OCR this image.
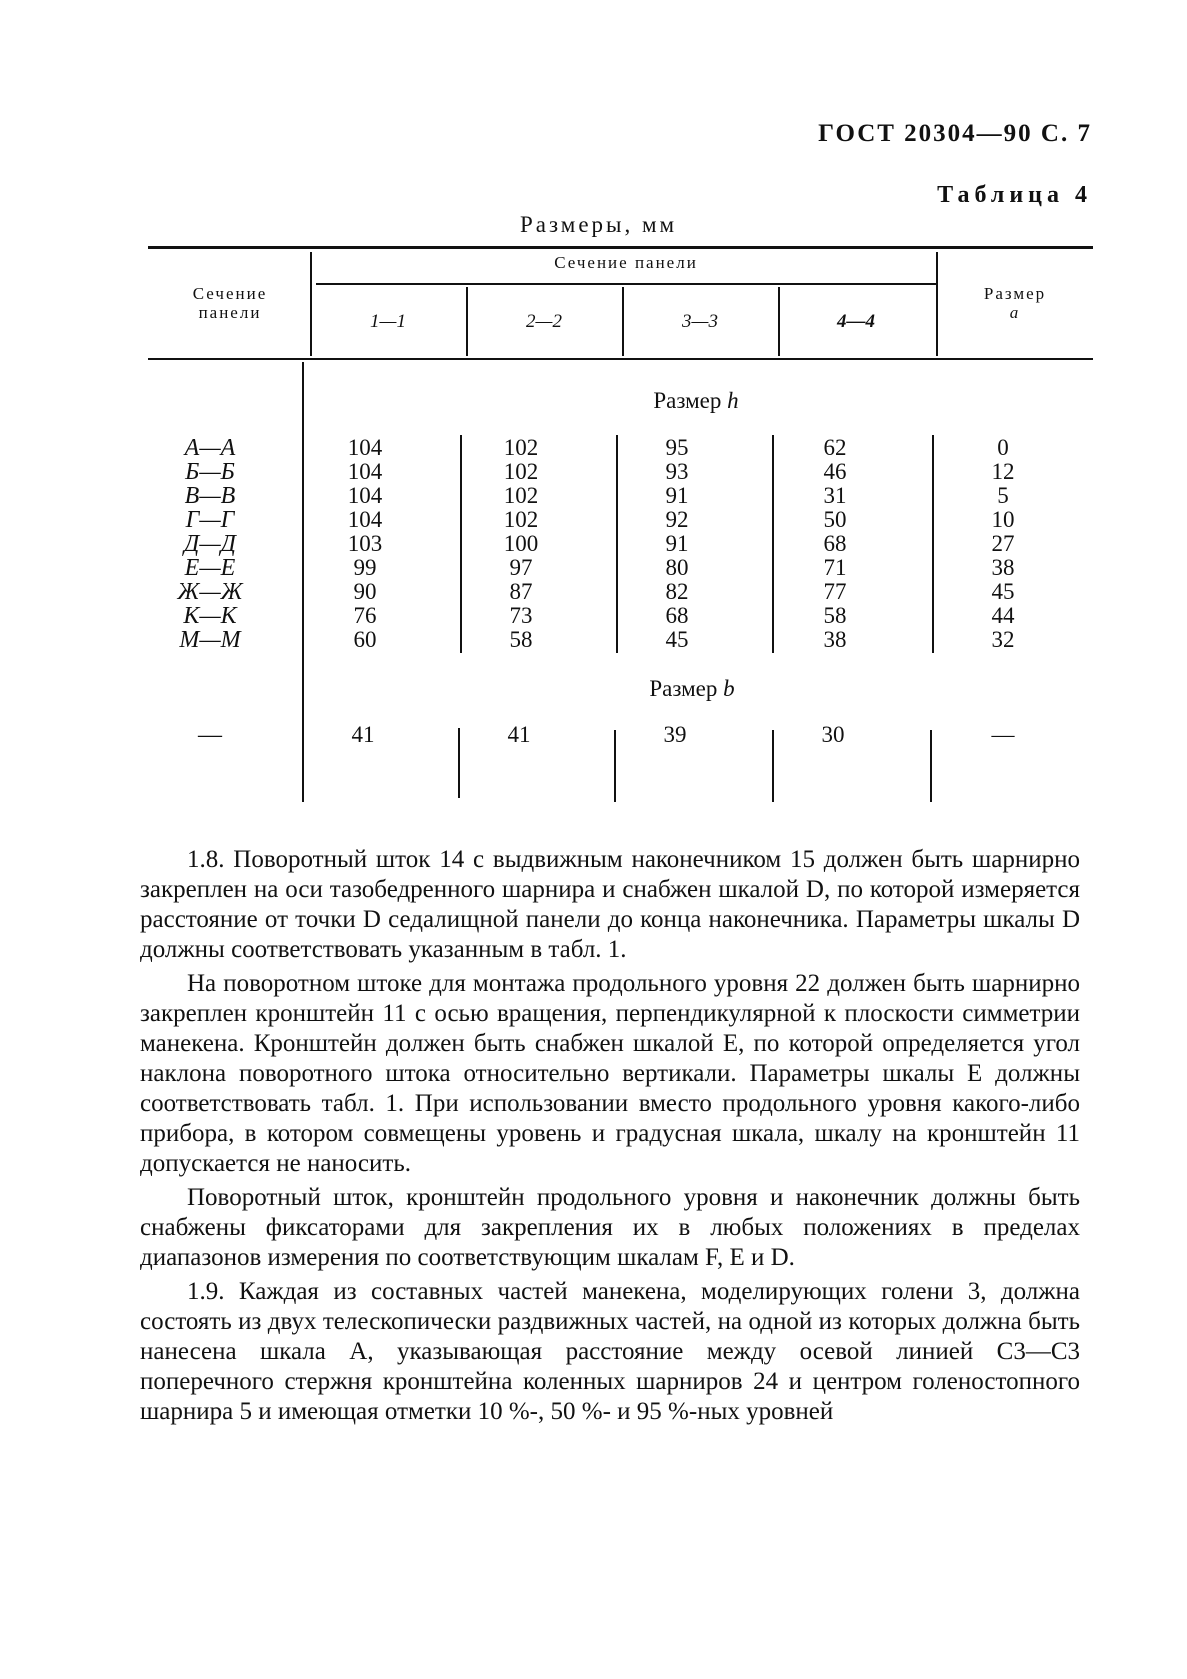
ГОСТ 20304—90 С. 7
Таблица 4
Размеры, мм
Сечение
панели
Сечение панели
1—1	2—2	3—3	4—4
Размер
a
Размер h
А—А	104	102	95	62	0
Б—Б	104	102	93	46	12
В—В	104	102	91	31	5
Г—Г	104	102	92	50	10
Д—Д	103	100	91	68	27
Е—Е	99	97	80	71	38
Ж—Ж	90	87	82	77	45
К—К	76	73	68	58	44
М—М	60	58	45	38	32
Размер b
—	41	41	39	30	—

1.8. Поворотный шток 14 с выдвижным наконечником 15 должен быть шарнирно закреплен на оси тазобедренного шарнира и снабжен шкалой D, по которой измеряется расстояние от точки D седалищной панели до конца наконечника. Параметры шкалы D должны соответствовать указанным в табл. 1.

На поворотном штоке для монтажа продольного уровня 22 должен быть шарнирно закреплен кронштейн 11 с осью вращения, перпендикулярной к плоскости симметрии манекена. Кронштейн должен быть снабжен шкалой E, по которой определяется угол наклона поворотного штока относительно вертикали. Параметры шкалы E должны соответствовать табл. 1. При использовании вместо продольного уровня какого-либо прибора, в котором совмещены уровень и градусная шкала, шкалу на кронштейн 11 допускается не наносить.

Поворотный шток, кронштейн продольного уровня и наконечник должны быть снабжены фиксаторами для закрепления их в любых положениях в пределах диапазонов измерения по соответствующим шкалам F, E и D.

1.9. Каждая из составных частей манекена, моделирующих голени 3, должна состоять из двух телескопически раздвижных частей, на одной из которых должна быть нанесена шкала A, указывающая расстояние между осевой линией C3—C3 поперечного стержня кронштейна коленных шарниров 24 и центром голеностопного шарнира 5 и имеющая отметки 10 %-, 50 %- и 95 %-ных уровней
